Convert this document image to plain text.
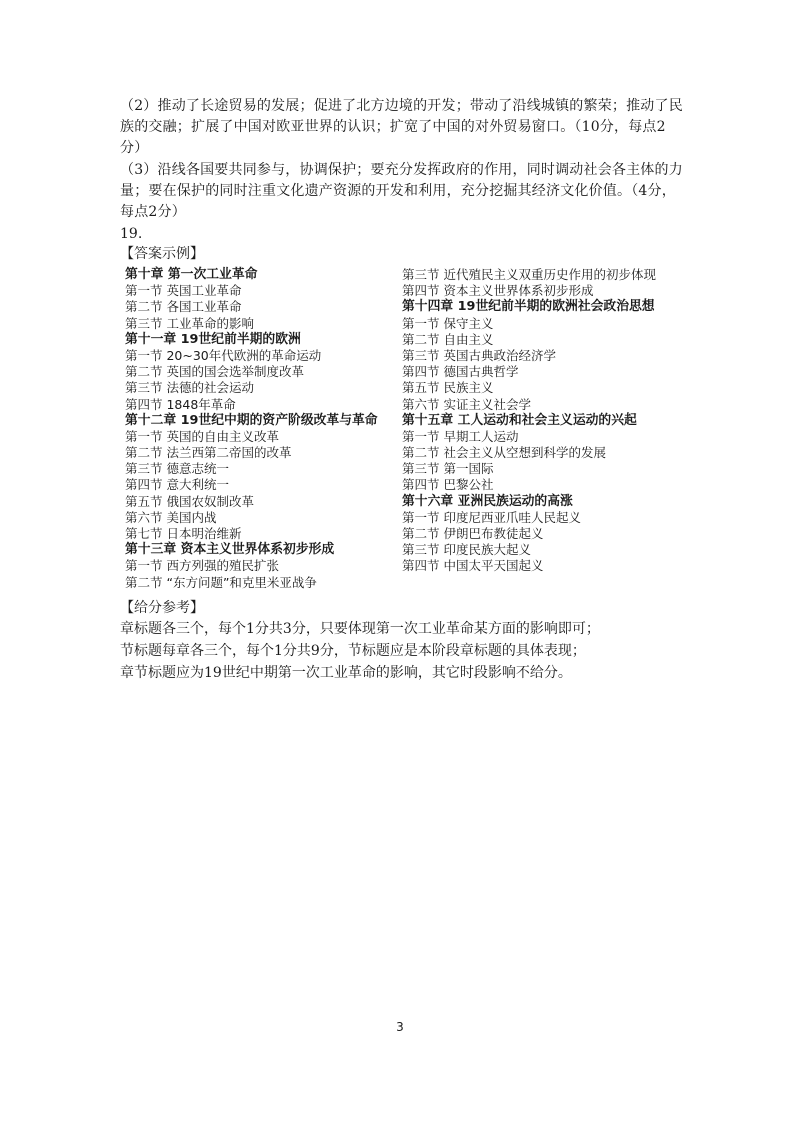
（2）推动了长途贸易的发展；促进了北方边境的开发；带动了沿线城镇的繁荣；推动了民族的交融；扩展了中国对欧亚世界的认识；扩宽了中国的对外贸易窗口。（10分，每点2分）
（3）沿线各国要共同参与，协调保护；要充分发挥政府的作用，同时调动社会各主体的力量；要在保护的同时注重文化遗产资源的开发和利用，充分挖掘其经济文化价值。（4分，每点2分）
19.
【答案示例】
第十章 第一次工业革命
第一节 英国工业革命
第二节 各国工业革命
第三节 工业革命的影响
第十一章 19世纪前半期的欧洲
第一节 20~30年代欧洲的革命运动
第二节 英国的国会选举制度改革
第三节 法德的社会运动
第四节 1848年革命
第十二章 19世纪中期的资产阶级改革与革命
第一节 英国的自由主义改革
第二节 法兰西第二帝国的改革
第三节 德意志统一
第四节 意大利统一
第五节 俄国农奴制改革
第六节 美国内战
第七节 日本明治维新
第十三章 资本主义世界体系初步形成
第一节 西方列强的殖民扩张
第二节 “东方问题”和克里米亚战争
第三节 近代殖民主义双重历史作用的初步体现
第四节 资本主义世界体系初步形成
第十四章 19世纪前半期的欧洲社会政治思想
第一节 保守主义
第二节 自由主义
第三节 英国古典政治经济学
第四节 德国古典哲学
第五节 民族主义
第六节 实证主义社会学
第十五章 工人运动和社会主义运动的兴起
第一节 早期工人运动
第二节 社会主义从空想到科学的发展
第三节 第一国际
第四节 巴黎公社
第十六章 亚洲民族运动的高涨
第一节 印度尼西亚爪哇人民起义
第二节 伊朗巴布教徒起义
第三节 印度民族大起义
第四节 中国太平天国起义
【给分参考】
章标题各三个，每个1分共3分，只要体现第一次工业革命某方面的影响即可；
节标题每章各三个，每个1分共9分，节标题应是本阶段章标题的具体表现；
章节标题应为19世纪中期第一次工业革命的影响，其它时段影响不给分。
3
